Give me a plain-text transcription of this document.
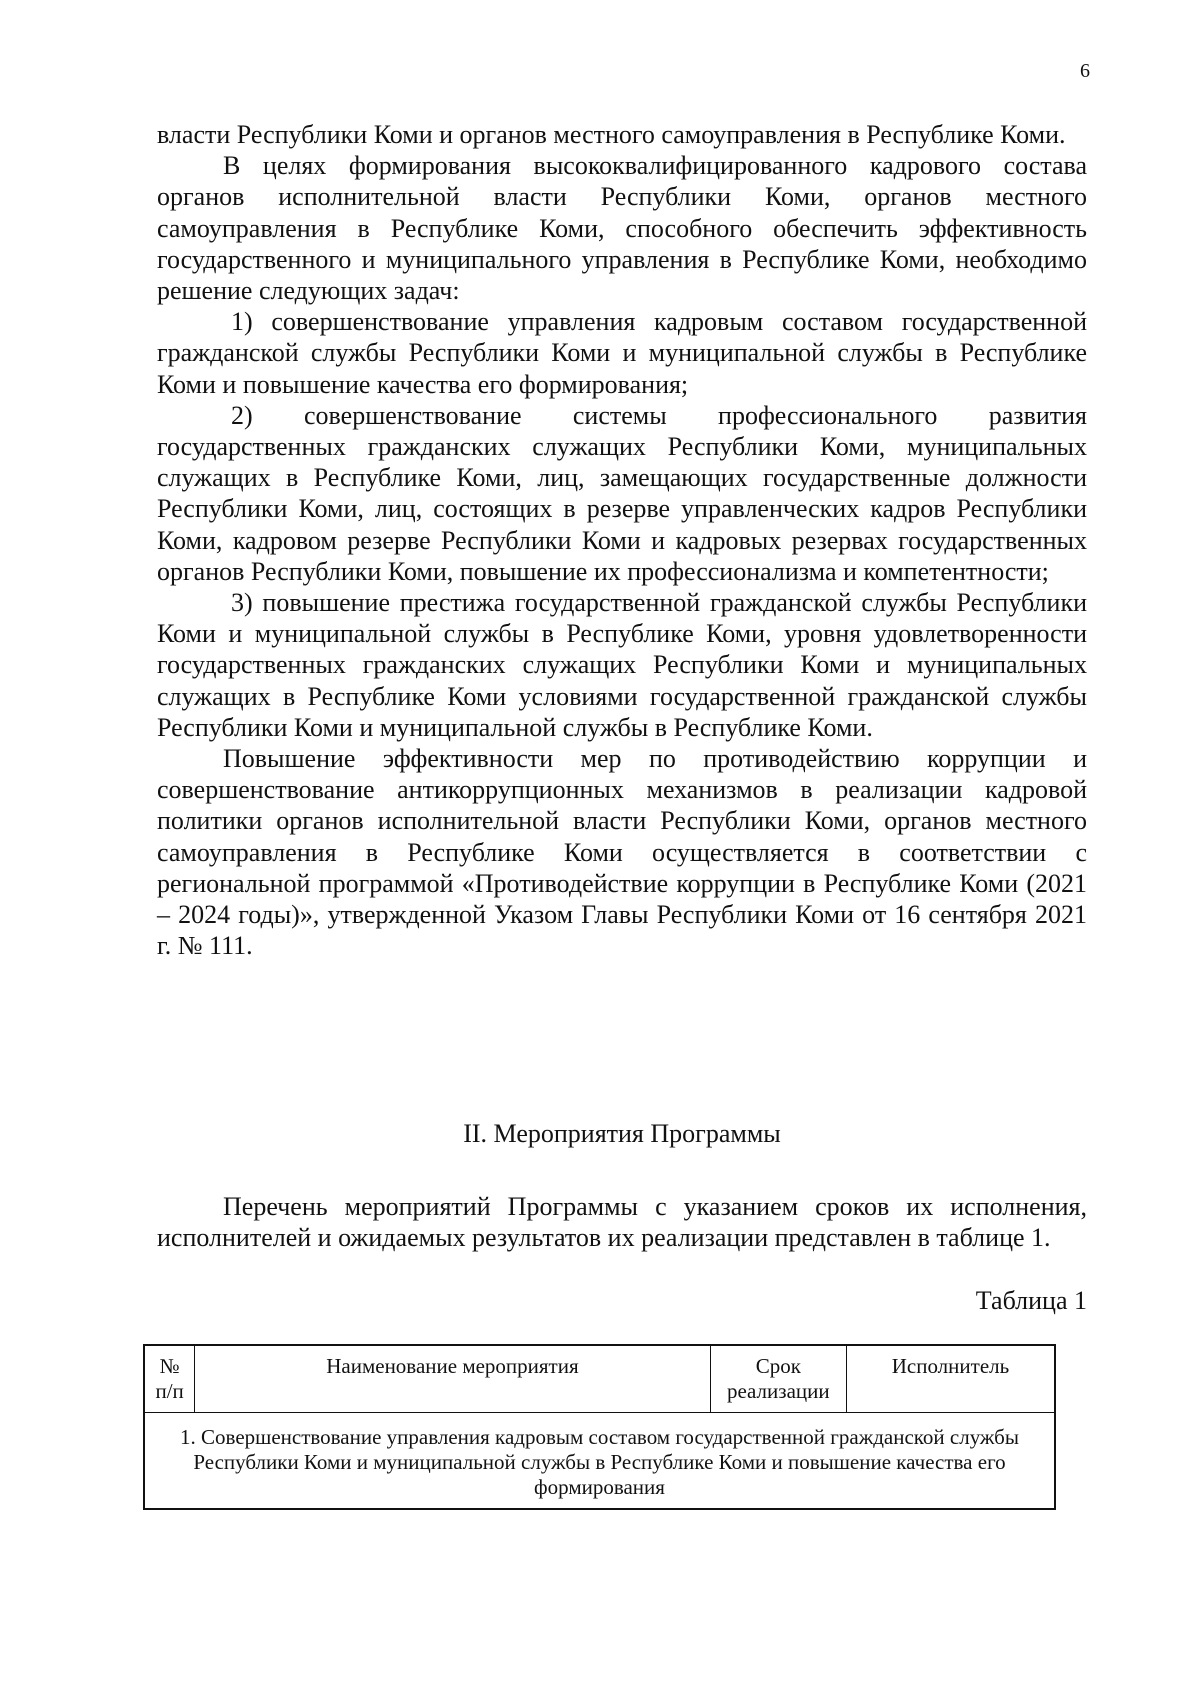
6

власти Республики Коми и органов местного самоуправления в Республике Коми.

В целях формирования высококвалифицированного кадрового состава органов исполнительной власти Республики Коми, органов местного самоуправления в Республике Коми, способного обеспечить эффективность государственного и муниципального управления в Республике Коми, необходимо решение следующих задач:

1) совершенствование управления кадровым составом государственной гражданской службы Республики Коми и муниципальной службы в Республике Коми и повышение качества его формирования;

2) совершенствование системы профессионального развития государственных гражданских служащих Республики Коми, муниципальных служащих в Республике Коми, лиц, замещающих государственные должности Республики Коми, лиц, состоящих в резерве управленческих кадров Республики Коми, кадровом резерве Республики Коми и кадровых резервах государственных органов Республики Коми, повышение их профессионализма и компетентности;

3) повышение престижа государственной гражданской службы Республики Коми и муниципальной службы в Республике Коми, уровня удовлетворенности государственных гражданских служащих Республики Коми и муниципальных служащих в Республике Коми условиями государственной гражданской службы Республики Коми и муниципальной службы в Республике Коми.

Повышение эффективности мер по противодействию коррупции и совершенствование антикоррупционных механизмов в реализации кадровой политики органов исполнительной власти Республики Коми, органов местного самоуправления в Республике Коми осуществляется в соответствии с региональной программой «Противодействие коррупции в Республике Коми (2021 – 2024 годы)», утвержденной Указом Главы Республики Коми от 16 сентября 2021 г. № 111.

II. Мероприятия Программы

Перечень мероприятий Программы с указанием сроков их исполнения, исполнителей и ожидаемых результатов их реализации представлен в таблице 1.

Таблица 1
№ п/п	Наименование мероприятия	Срок реализации	Исполнитель
1. Совершенствование управления кадровым составом государственной гражданской службы Республики Коми и муниципальной службы в Республике Коми и повышение качества его формирования
